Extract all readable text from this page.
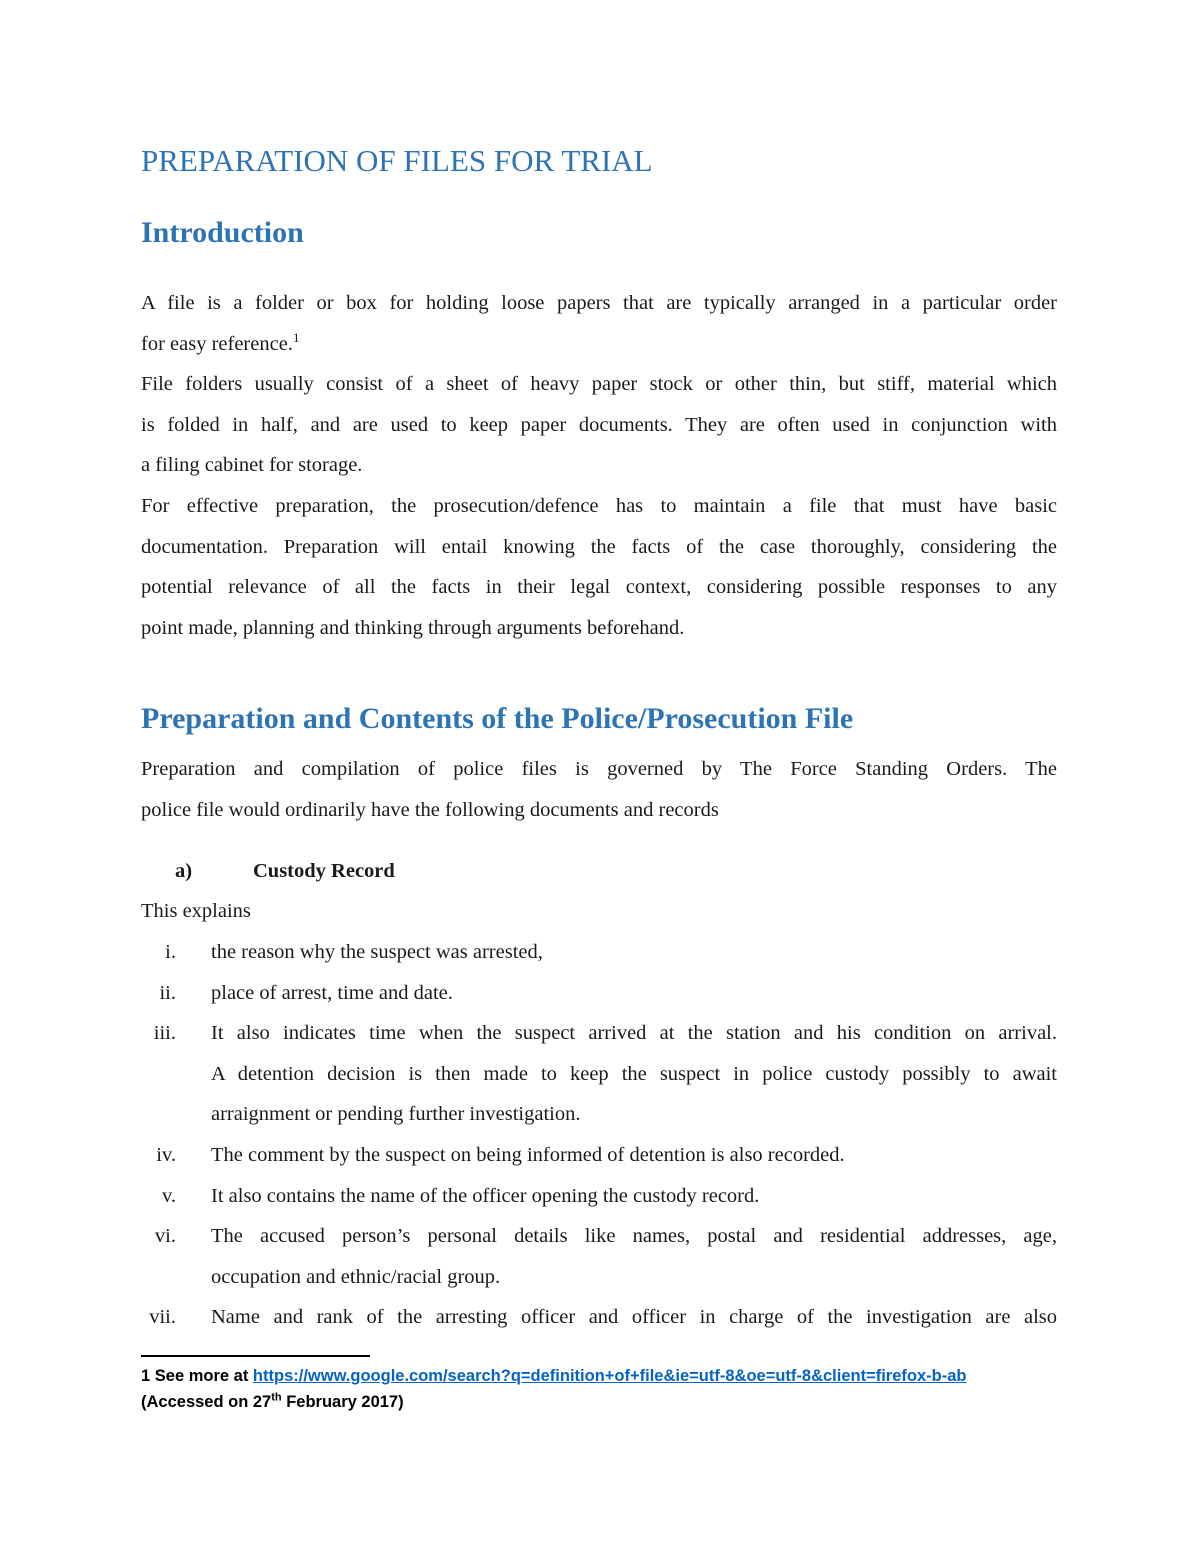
PREPARATION OF FILES FOR TRIAL
Introduction
A file is a folder or box for holding loose papers that are typically arranged in a particular order
for easy reference.$^1$
File folders usually consist of a sheet of heavy paper stock or other thin, but stiff, material which
is folded in half, and are used to keep paper documents. They are often used in conjunction with
a filing cabinet for storage.
For effective preparation, the prosecution/defence has to maintain a file that must have basic
documentation. Preparation will entail knowing the facts of the case thoroughly, considering the
potential relevance of all the facts in their legal context, considering possible responses to any
point made, planning and thinking through arguments beforehand.
Preparation and Contents of the Police/Prosecution File
Preparation and compilation of police files is governed by The Force Standing Orders. The
police file would ordinarily have the following documents and records
a)	Custody Record
This explains
i. the reason why the suspect was arrested,
ii. place of arrest, time and date.
iii. It also indicates time when the suspect arrived at the station and his condition on arrival.
A detention decision is then made to keep the suspect in police custody possibly to await
arraignment or pending further investigation.
iv. The comment by the suspect on being informed of detention is also recorded.
v. It also contains the name of the officer opening the custody record.
vi. The accused person’s personal details like names, postal and residential addresses, age,
occupation and ethnic/racial group.
vii. Name and rank of the arresting officer and officer in charge of the investigation are also
1 See more at https://www.google.com/search?q=definition+of+file&ie=utf-8&oe=utf-8&client=firefox-b-ab
(Accessed on 27th February 2017)
